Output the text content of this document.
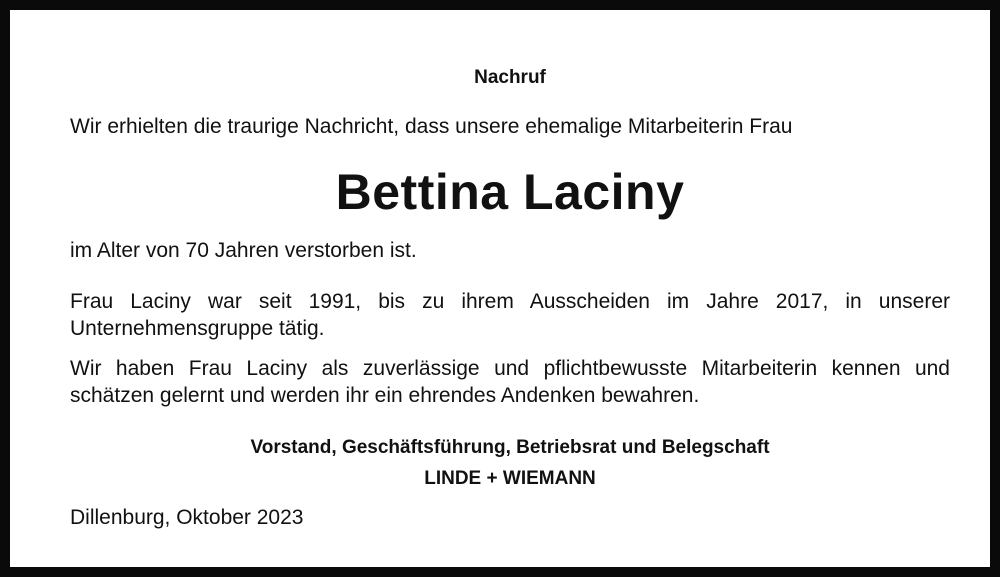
Nachruf
Wir erhielten die traurige Nachricht, dass unsere ehemalige Mitarbeiterin Frau
Bettina Laciny
im Alter von 70 Jahren verstorben ist.
Frau Laciny war seit 1991, bis zu ihrem Ausscheiden im Jahre 2017, in unserer Unternehmensgruppe tätig.
Wir haben Frau Laciny als zuverlässige und pflichtbewusste Mitarbeiterin kennen und schätzen gelernt und werden ihr ein ehrendes Andenken bewahren.
Vorstand, Geschäftsführung, Betriebsrat und Belegschaft
LINDE + WIEMANN
Dillenburg, Oktober 2023
